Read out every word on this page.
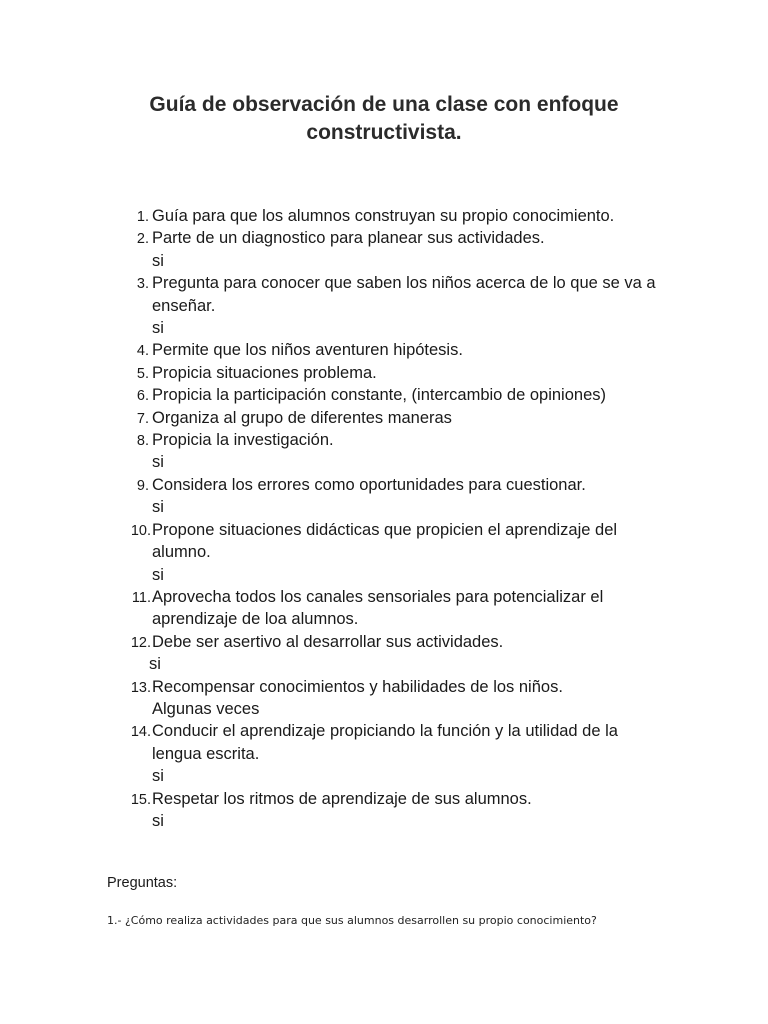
Guía de observación de una clase con enfoque
constructivista.
1. Guía para que los alumnos construyan su propio conocimiento.
2. Parte de un diagnostico para planear sus actividades.
si
3. Pregunta para conocer que saben los niños acerca de lo que se va a enseñar.
si
4. Permite que los niños aventuren hipótesis.
5. Propicia situaciones problema.
6. Propicia la participación constante, (intercambio de opiniones)
7. Organiza al grupo de diferentes maneras
8. Propicia la investigación.
si
9. Considera los errores como oportunidades para cuestionar.
si
10. Propone situaciones didácticas que propicien el aprendizaje del alumno.
si
11. Aprovecha todos los canales sensoriales para potencializar el aprendizaje de loa alumnos.
12. Debe ser asertivo al desarrollar sus actividades.
si
13. Recompensar conocimientos y habilidades de los niños.
Algunas veces
14. Conducir el aprendizaje propiciando la función y la utilidad de la lengua escrita.
si
15. Respetar los ritmos de aprendizaje de sus alumnos.
si
Preguntas:
1.- ¿Cómo realiza actividades para que sus alumnos desarrollen su propio conocimiento?
